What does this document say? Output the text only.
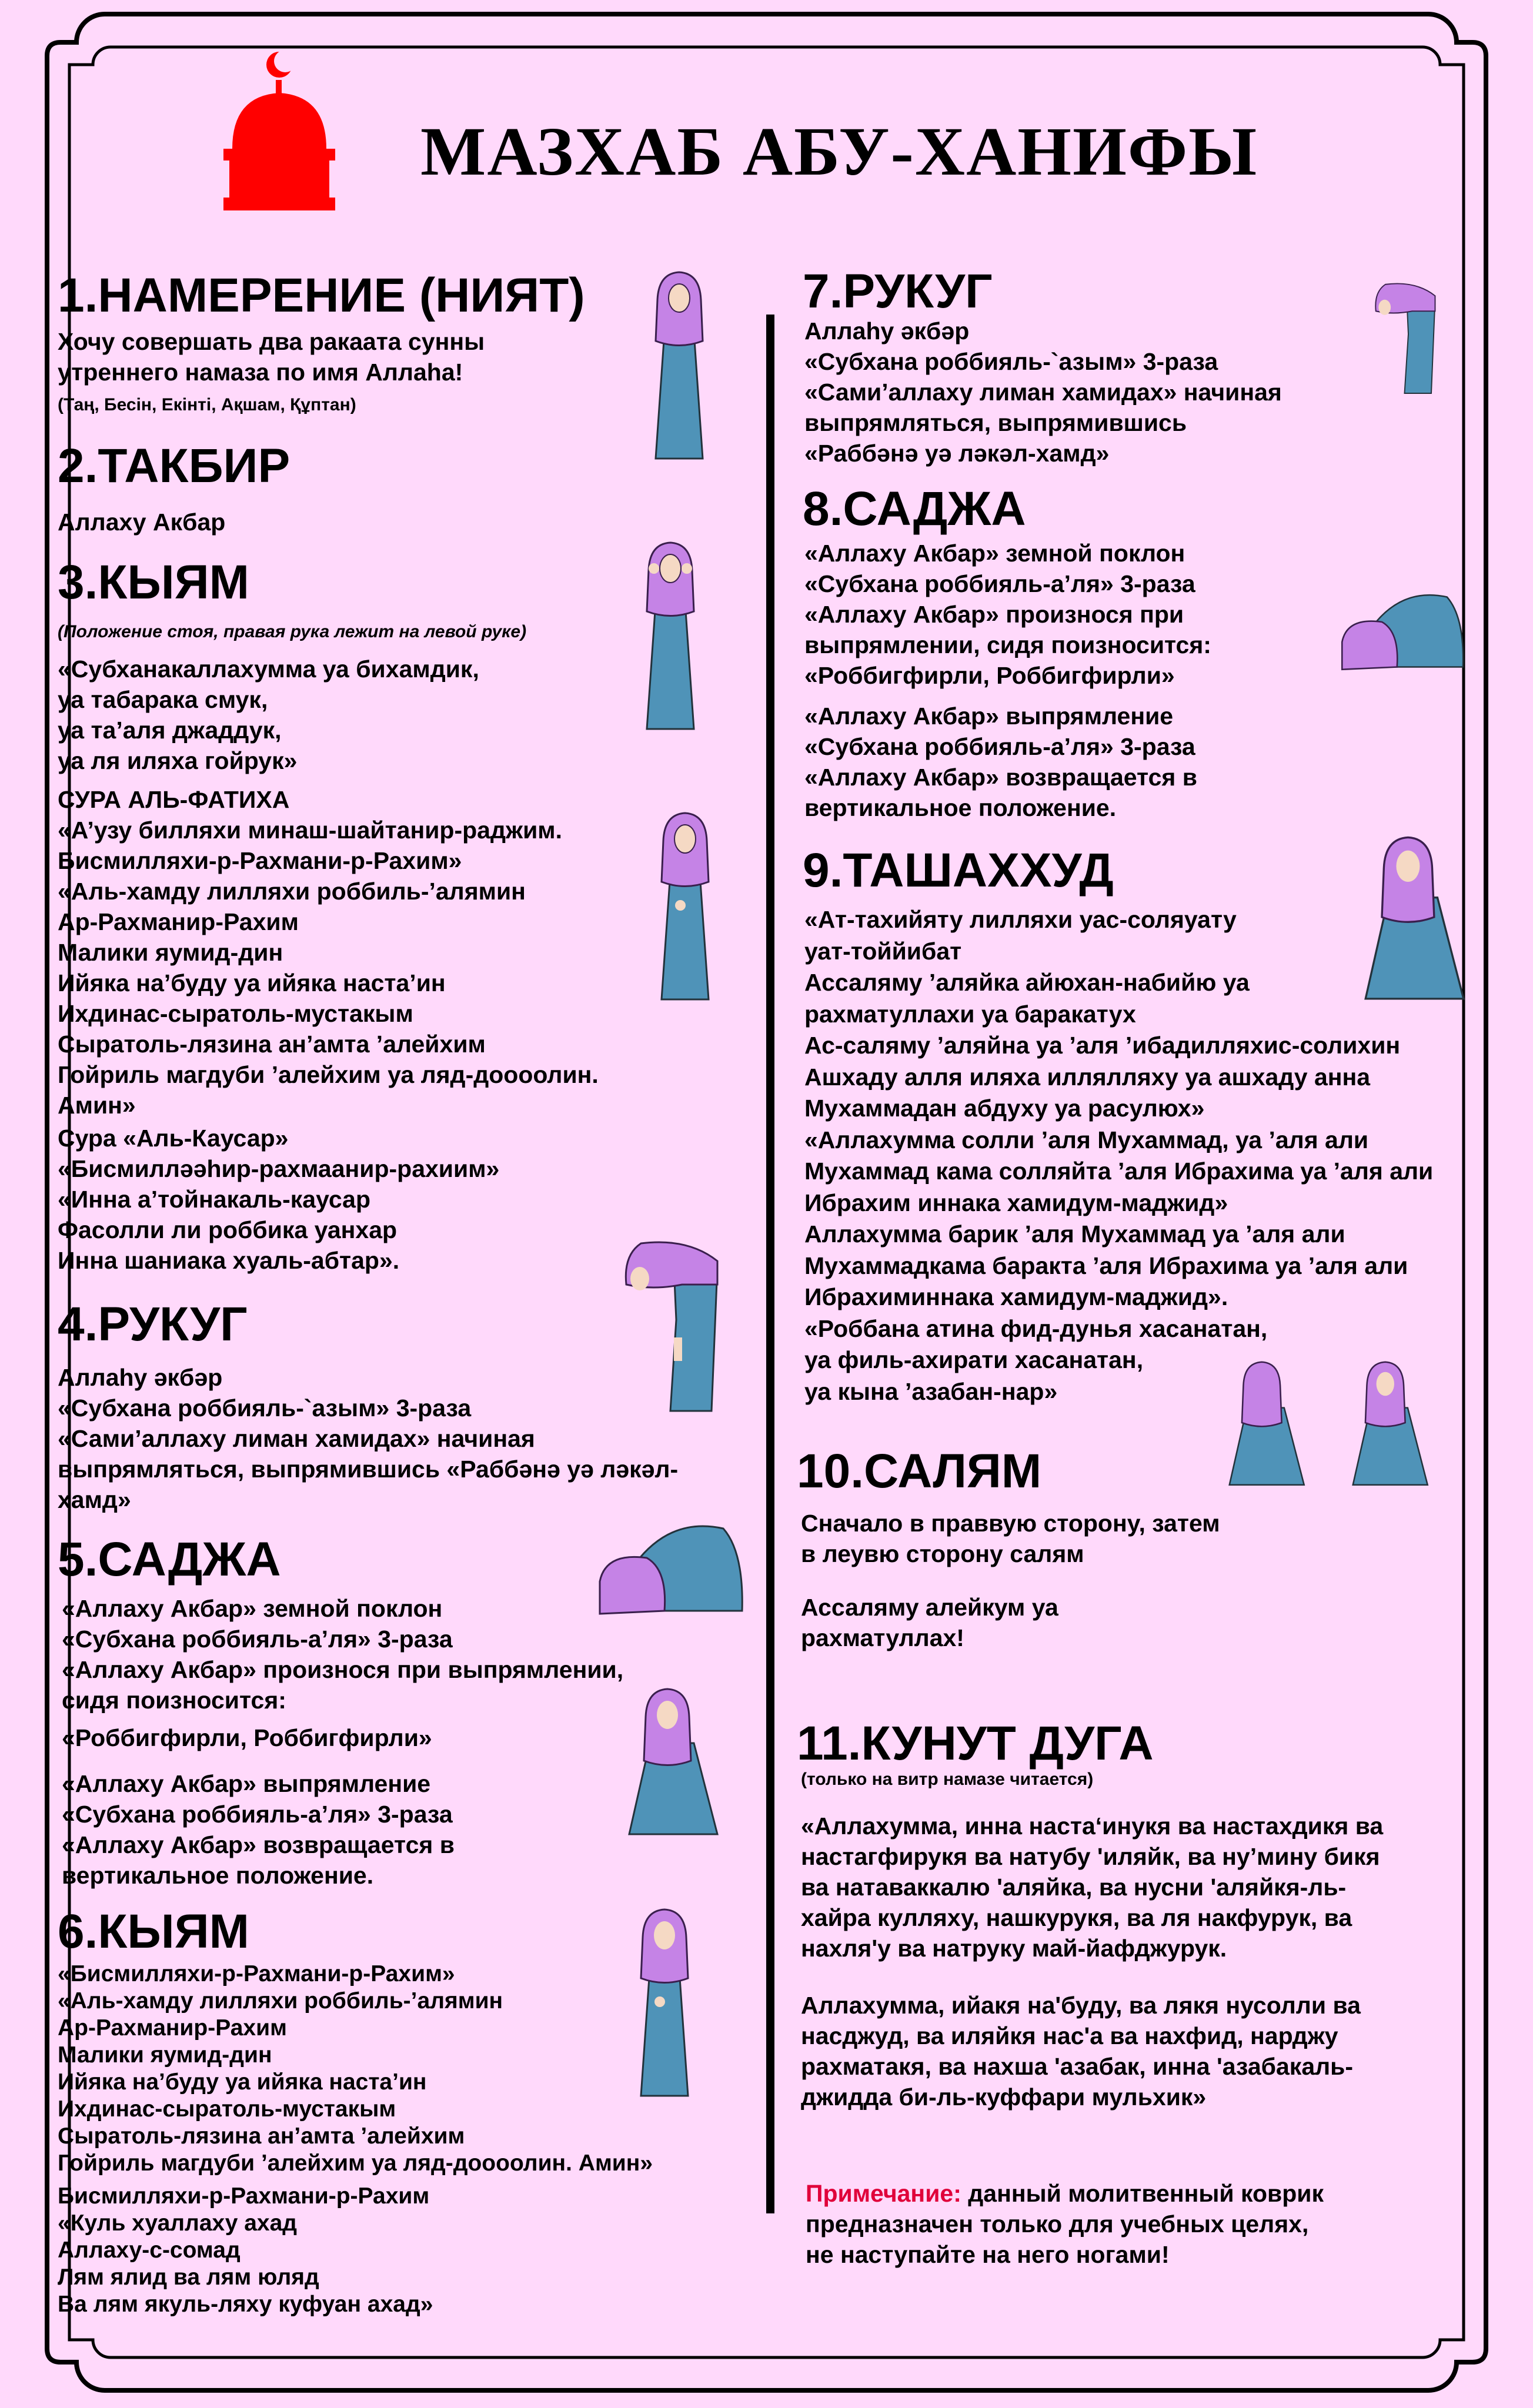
МАЗХАБ АБУ-ХАНИФЫ
1.НАМЕРЕНИЕ (НИЯТ)
Хочу совершать два ракаата сунны
утреннего намаза по имя Аллаhа!
(Таң, Бесін, Екінті, Ақшам, Құптан)
2.ТАКБИР
Аллаху Акбар
3.КЫЯМ
(Положение стоя, правая рука лежит на левой руке)
«Субханакаллахумма уа бихамдик,
уа табарака смук,
уа та’аля джаддук,
уа ля иляха гойрук»
СУРА АЛЬ-ФАТИХА
«А’узу билляхи минаш-шайтанир-раджим.
Бисмилляхи-р-Рахмани-р-Рахим»
«Аль-хамду лилляхи роббиль-’алямин
Ар-Рахманир-Рахим
Малики яумид-дин
Ийяка на’буду уа ийяка наста’ин
Ихдинас-сыратоль-мустакым
Сыратоль-лязина ан’амта ’алейхим
Гойриль магдуби ’алейхим уа ляд-доооолин.
Амин»
Сура «Аль-Каусар»
«Бисмилләәhир-рахмаанир-рахиим»
«Инна а’тойнакаль-каусар
Фасолли ли роббика уанхар
Инна шаниака хуаль-абтар».
4.РУКУГ
Аллаhу әкбәр
«Субхана роббияль-`азым» 3-раза
«Сами’аллаху лиман хамидах» начиная
выпрямляться, выпрямившись «Раббәнә уә ләкәл-
хамд»
5.САДЖА
«Аллаху Акбар» земной поклон
«Субхана роббияль-а’ля» 3-раза
«Аллаху Акбар» произнося при выпрямлении,
сидя поизносится:
«Роббигфирли, Роббигфирли»
«Аллаху Акбар» выпрямление
«Субхана роббияль-а’ля» 3-раза
«Аллаху Акбар» возвращается в
вертикальное положение.
6.КЫЯМ
«Бисмилляхи-р-Рахмани-р-Рахим»
«Аль-хамду лилляхи роббиль-’алямин
Ар-Рахманир-Рахим
Малики яумид-дин
Ийяка на’буду уа ийяка наста’ин
Ихдинас-сыратоль-мустакым
Сыратоль-лязина ан’амта ’алейхим
Гойриль магдуби ’алейхим уа ляд-доооолин. Амин»
Бисмилляхи-р-Рахмани-р-Рахим
«Куль хуаллаху ахад
Аллаху-с-сомад
Лям ялид ва лям юляд
Ва лям якуль-ляху куфуан ахад»
7.РУКУГ
Аллаhу әкбәр
«Субхана роббияль-`азым» 3-раза
«Сами’аллаху лиман хамидах» начиная
выпрямляться, выпрямившись
«Раббәнә уә ләкәл-хамд»
8.САДЖА
«Аллаху Акбар» земной поклон
«Субхана роббияль-а’ля» 3-раза
«Аллаху Акбар» произнося при
выпрямлении, сидя поизносится:
«Роббигфирли, Роббигфирли»
«Аллаху Акбар» выпрямление
«Субхана роббияль-а’ля» 3-раза
«Аллаху Акбар» возвращается в
вертикальное положение.
9.ТАШАХХУД
«Ат-тахийяту лилляхи уас-соляуату
уат-тоййибат
Ассаляму ’аляйка айюхан-набийю уа
рахматуллахи уа баракатух
Ас-саляму ’аляйна уа ’аля ’ибадилляхис-солихин
Ашхаду алля иляха иллялляху уа ашхаду анна
Мухаммадан абдуху уа расулюх»
«Аллахумма солли ’аля Мухаммад, уа ’аля али
Мухаммад кама солляйта ’аля Ибрахима уа ’аля али
Ибрахим иннака хамидум-маджид»
Аллахумма барик ’аля Мухаммад уа ’аля али
Мухаммадкама баракта ’аля Ибрахима уа ’аля али
Ибрахиминнака хамидум-маджид».
«Роббана атина фид-дунья хасанатан,
уа филь-ахирати хасанатан,
уа кына ’азабан-нар»
10.САЛЯМ
Сначало в праввую сторону, затем
в леувю сторону салям
Ассаляму алейкум уа
рахматуллах!
11.КУНУТ ДУГА
(только на витр намазе читается)
«Аллахумма, инна наста‘инукя ва настахдикя ва
настагфирукя ва натубу 'иляйк, ва ну’мину бикя
ва натаваккалю 'аляйка, ва нусни 'аляйкя-ль-
хайра кулляху, нашкурукя, ва ля накфурук, ва
нахля'у ва натруку май-йафджурук.
Аллахумма, ийакя на'буду, ва лякя нусолли ва
насджуд, ва иляйкя нас'а ва нахфид, нарджу
рахматакя, ва нахша 'азабак, инна 'азабакаль-
джидда би-ль-куффари мульхик»
Примечание: данный молитвенный коврик
предназначен только для учебных целях,
не наступайте на него ногами!
